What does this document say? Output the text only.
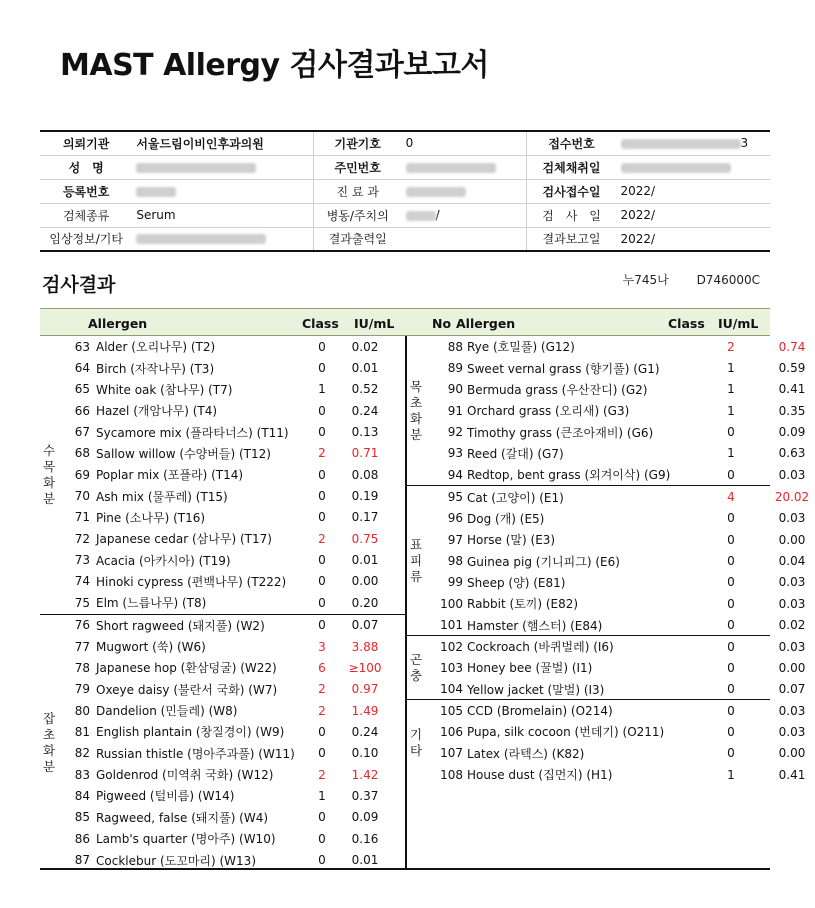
MAST Allergy 검사결과보고서
의뢰기관	서울드림이비인후과의원	기관기호	0	접수번호	3
성　명		주민번호		검체채취일	
등록번호		진 료 과		검사접수일	2022/
검체종류	Serum	병동/주치의	/	검　사　일	2022/
임상정보/기타		결과출력일		결과보고일	2022/
검사결과	누745나 D746000C
Allergen	Class IU/mL	No Allergen	Class IU/mL
수목화분
63 Alder (오리나무) (T2)	0	0.02
64 Birch (자작나무) (T3)	0	0.01
65 White oak (참나무) (T7)	1	0.52
66 Hazel (개암나무) (T4)	0	0.24
67 Sycamore mix (플라타너스) (T11)	0	0.13
68 Sallow willow (수양버들) (T12)	2	0.71
69 Poplar mix (포플라) (T14)	0	0.08
70 Ash mix (물푸레) (T15)	0	0.19
71 Pine (소나무) (T16)	0	0.17
72 Japanese cedar (삼나무) (T17)	2	0.75
73 Acacia (아카시아) (T19)	0	0.01
74 Hinoki cypress (편백나무) (T222)	0	0.00
75 Elm (느릅나무) (T8)	0	0.20
잡초화분
76 Short ragweed (돼지풀) (W2)	0	0.07
77 Mugwort (쑥) (W6)	3	3.88
78 Japanese hop (환삼덩굴) (W22)	6	≥100
79 Oxeye daisy (불란서 국화) (W7)	2	0.97
80 Dandelion (민들레) (W8)	2	1.49
81 English plantain (창질경이) (W9)	0	0.24
82 Russian thistle (명아주과풀) (W11)	0	0.10
83 Goldenrod (미역취 국화) (W12)	2	1.42
84 Pigweed (털비름) (W14)	1	0.37
85 Ragweed, false (돼지풀) (W4)	0	0.09
86 Lamb's quarter (명아주) (W10)	0	0.16
87 Cocklebur (도꼬마리) (W13)	0	0.01
목초화분
88 Rye (호밀풀) (G12)	2	0.74
89 Sweet vernal grass (향기풀) (G1)	1	0.59
90 Bermuda grass (우산잔디) (G2)	1	0.41
91 Orchard grass (오리새) (G3)	1	0.35
92 Timothy grass (큰조아재비) (G6)	0	0.09
93 Reed (갈대) (G7)	1	0.63
94 Redtop, bent grass (외겨이삭) (G9)	0	0.03
표피류
95 Cat (고양이) (E1)	4	20.02
96 Dog (개) (E5)	0	0.03
97 Horse (말) (E3)	0	0.00
98 Guinea pig (기니피그) (E6)	0	0.04
99 Sheep (양) (E81)	0	0.03
100 Rabbit (토끼) (E82)	0	0.03
101 Hamster (햄스터) (E84)	0	0.02
곤충
102 Cockroach (바퀴벌레) (I6)	0	0.03
103 Honey bee (꿀벌) (I1)	0	0.00
104 Yellow jacket (말벌) (I3)	0	0.07
기타
105 CCD (Bromelain) (O214)	0	0.03
106 Pupa, silk cocoon (번데기) (O211)	0	0.03
107 Latex (라텍스) (K82)	0	0.00
108 House dust (집먼지) (H1)	1	0.41
